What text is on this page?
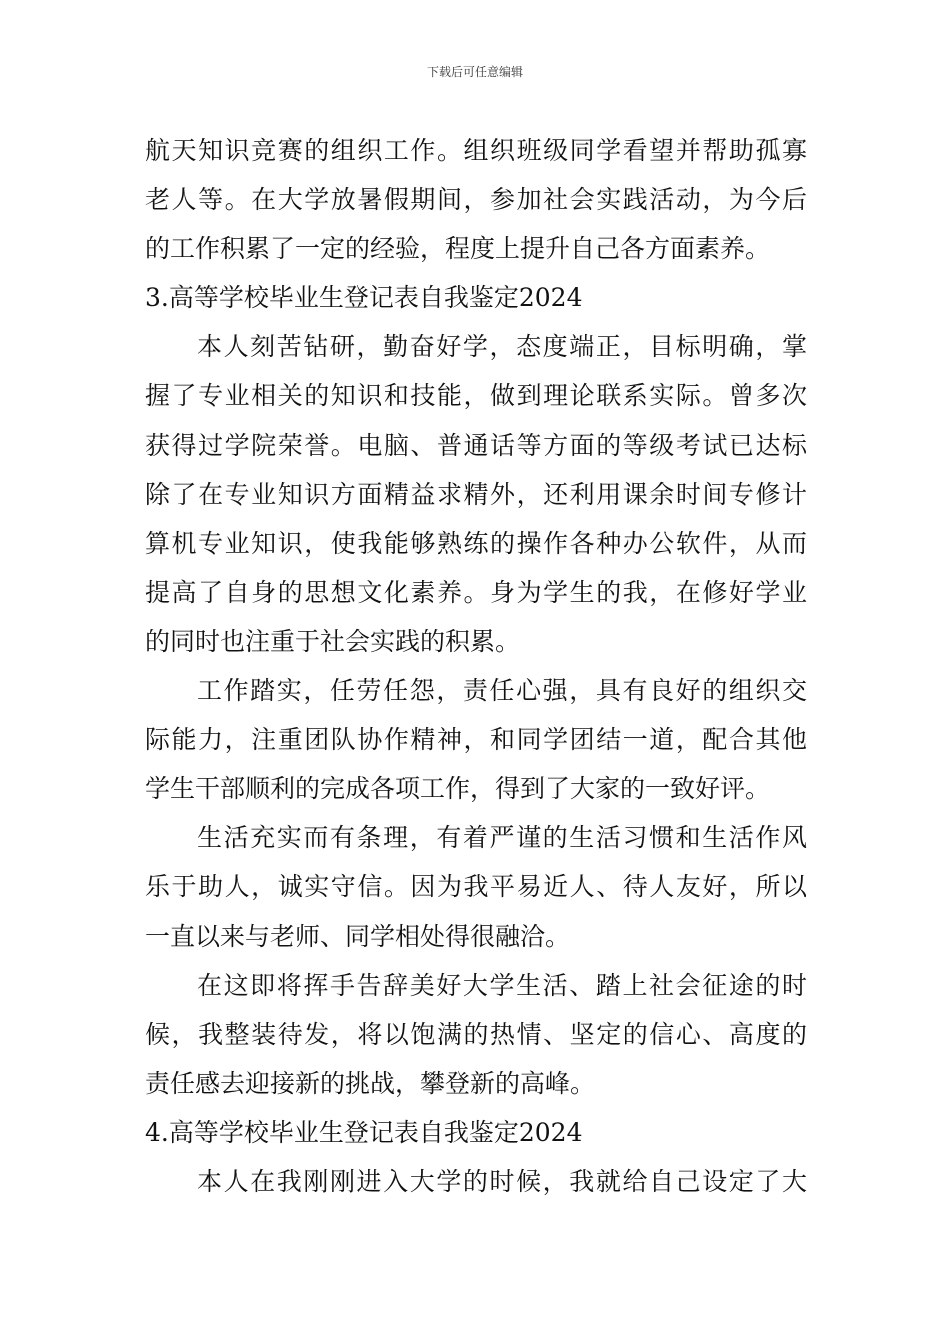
下载后可任意编辑
航天知识竞赛的组织工作。组织班级同学看望并帮助孤寡
老人等。在大学放暑假期间，参加社会实践活动，为今后
的工作积累了一定的经验，程度上提升自己各方面素养。
3.高等学校毕业生登记表自我鉴定2024
本人刻苦钻研，勤奋好学，态度端正，目标明确，掌
握了专业相关的知识和技能，做到理论联系实际。曾多次
获得过学院荣誉。电脑、普通话等方面的等级考试已达标
除了在专业知识方面精益求精外，还利用课余时间专修计
算机专业知识，使我能够熟练的操作各种办公软件，从而
提高了自身的思想文化素养。身为学生的我，在修好学业
的同时也注重于社会实践的积累。
工作踏实，任劳任怨，责任心强，具有良好的组织交
际能力，注重团队协作精神，和同学团结一道，配合其他
学生干部顺利的完成各项工作，得到了大家的一致好评。
生活充实而有条理，有着严谨的生活习惯和生活作风
乐于助人，诚实守信。因为我平易近人、待人友好，所以
一直以来与老师、同学相处得很融洽。
在这即将挥手告辞美好大学生活、踏上社会征途的时
候，我整装待发，将以饱满的热情、坚定的信心、高度的
责任感去迎接新的挑战，攀登新的高峰。
4.高等学校毕业生登记表自我鉴定2024
本人在我刚刚进入大学的时候，我就给自己设定了大
